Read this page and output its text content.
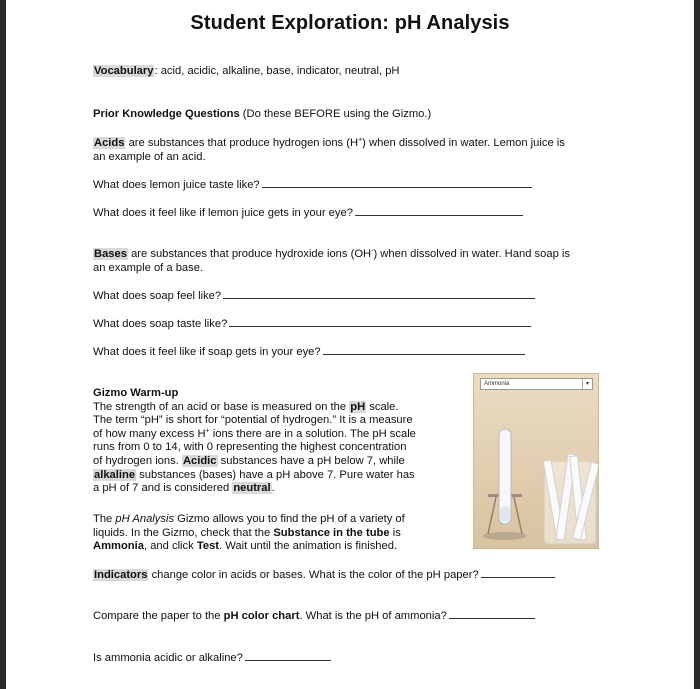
Student Exploration: pH Analysis
Vocabulary: acid, acidic, alkaline, base, indicator, neutral, pH
Prior Knowledge Questions (Do these BEFORE using the Gizmo.)
Acids are substances that produce hydrogen ions (H+) when dissolved in water. Lemon juice is
an example of an acid.
What does lemon juice taste like?
What does it feel like if lemon juice gets in your eye?
Bases are substances that produce hydroxide ions (OH-) when dissolved in water. Hand soap is
an example of a base.
What does soap feel like?
What does soap taste like?
What does it feel like if soap gets in your eye?
Gizmo Warm-up
The strength of an acid or base is measured on the pH scale.
The term “pH” is short for “potential of hydrogen.” It is a measure
of how many excess H+ ions there are in a solution. The pH scale
runs from 0 to 14, with 0 representing the highest concentration
of hydrogen ions. Acidic substances have a pH below 7, while
alkaline substances (bases) have a pH above 7. Pure water has
a pH of 7 and is considered neutral.
The pH Analysis Gizmo allows you to find the pH of a variety of
liquids. In the Gizmo, check that the Substance in the tube is
Ammonia, and click Test. Wait until the animation is finished.
Ammonia	▾
Indicators change color in acids or bases. What is the color of the pH paper?
Compare the paper to the pH color chart. What is the pH of ammonia?
Is ammonia acidic or alkaline?
